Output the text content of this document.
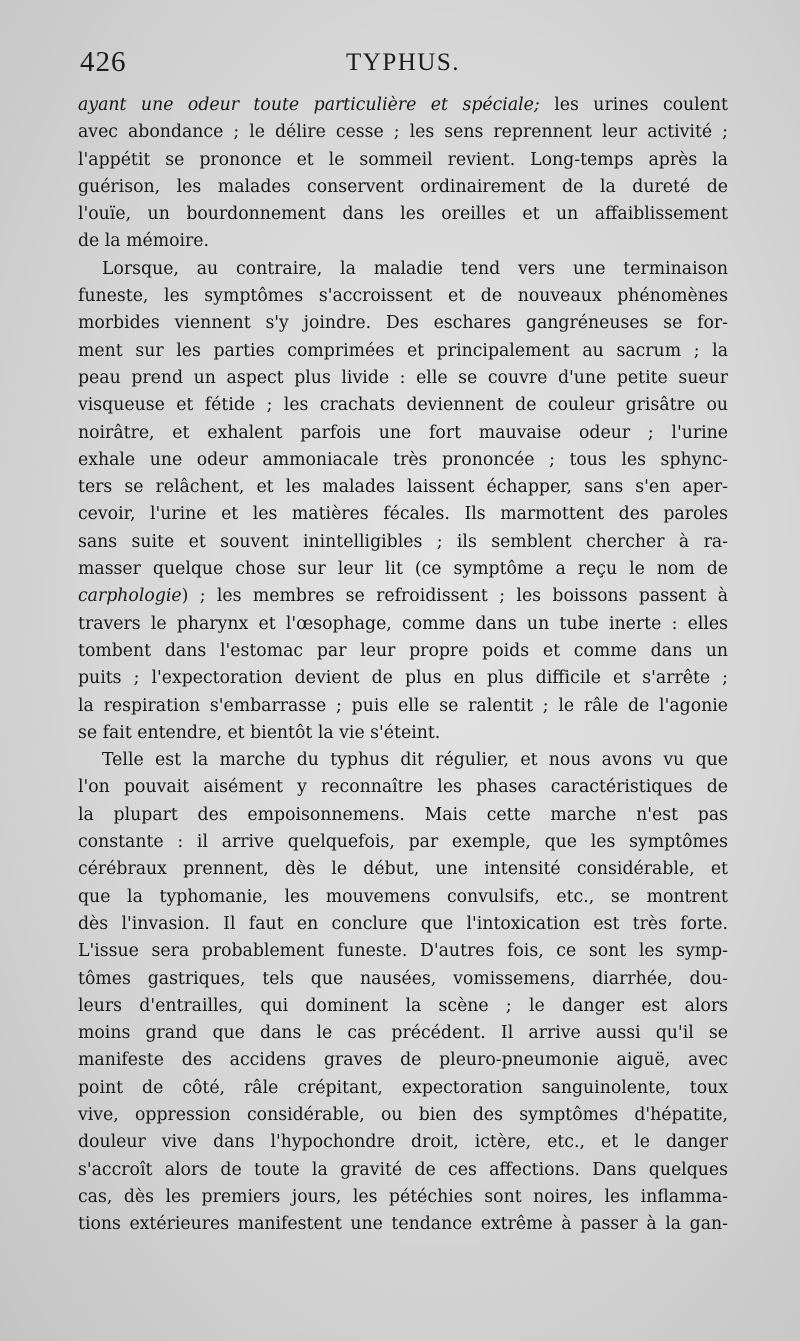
426	TYPHUS.
ayant une odeur toute particulière et spéciale; les urines coulent
avec abondance ; le délire cesse ; les sens reprennent leur activité ;
l'appétit se prononce et le sommeil revient. Long-temps après la
guérison, les malades conservent ordinairement de la dureté de
l'ouïe, un bourdonnement dans les oreilles et un affaiblissement
de la mémoire.
Lorsque, au contraire, la maladie tend vers une terminaison
funeste, les symptômes s'accroissent et de nouveaux phénomènes
morbides viennent s'y joindre. Des eschares gangréneuses se for-
ment sur les parties comprimées et principalement au sacrum ; la
peau prend un aspect plus livide : elle se couvre d'une petite sueur
visqueuse et fétide ; les crachats deviennent de couleur grisâtre ou
noirâtre, et exhalent parfois une fort mauvaise odeur ; l'urine
exhale une odeur ammoniacale très prononcée ; tous les sphync-
ters se relâchent, et les malades laissent échapper, sans s'en aper-
cevoir, l'urine et les matières fécales. Ils marmottent des paroles
sans suite et souvent inintelligibles ; ils semblent chercher à ra-
masser quelque chose sur leur lit (ce symptôme a reçu le nom de
carphologie) ; les membres se refroidissent ; les boissons passent à
travers le pharynx et l'œsophage, comme dans un tube inerte : elles
tombent dans l'estomac par leur propre poids et comme dans un
puits ; l'expectoration devient de plus en plus difficile et s'arrête ;
la respiration s'embarrasse ; puis elle se ralentit ; le râle de l'agonie
se fait entendre, et bientôt la vie s'éteint.
Telle est la marche du typhus dit régulier, et nous avons vu que
l'on pouvait aisément y reconnaître les phases caractéristiques de
la plupart des empoisonnemens. Mais cette marche n'est pas
constante : il arrive quelquefois, par exemple, que les symptômes
cérébraux prennent, dès le début, une intensité considérable, et
que la typhomanie, les mouvemens convulsifs, etc., se montrent
dès l'invasion. Il faut en conclure que l'intoxication est très forte.
L'issue sera probablement funeste. D'autres fois, ce sont les symp-
tômes gastriques, tels que nausées, vomissemens, diarrhée, dou-
leurs d'entrailles, qui dominent la scène ; le danger est alors
moins grand que dans le cas précédent. Il arrive aussi qu'il se
manifeste des accidens graves de pleuro-pneumonie aiguë, avec
point de côté, râle crépitant, expectoration sanguinolente, toux
vive, oppression considérable, ou bien des symptômes d'hépatite,
douleur vive dans l'hypochondre droit, ictère, etc., et le danger
s'accroît alors de toute la gravité de ces affections. Dans quelques
cas, dès les premiers jours, les pétéchies sont noires, les inflamma-
tions extérieures manifestent une tendance extrême à passer à la gan-
